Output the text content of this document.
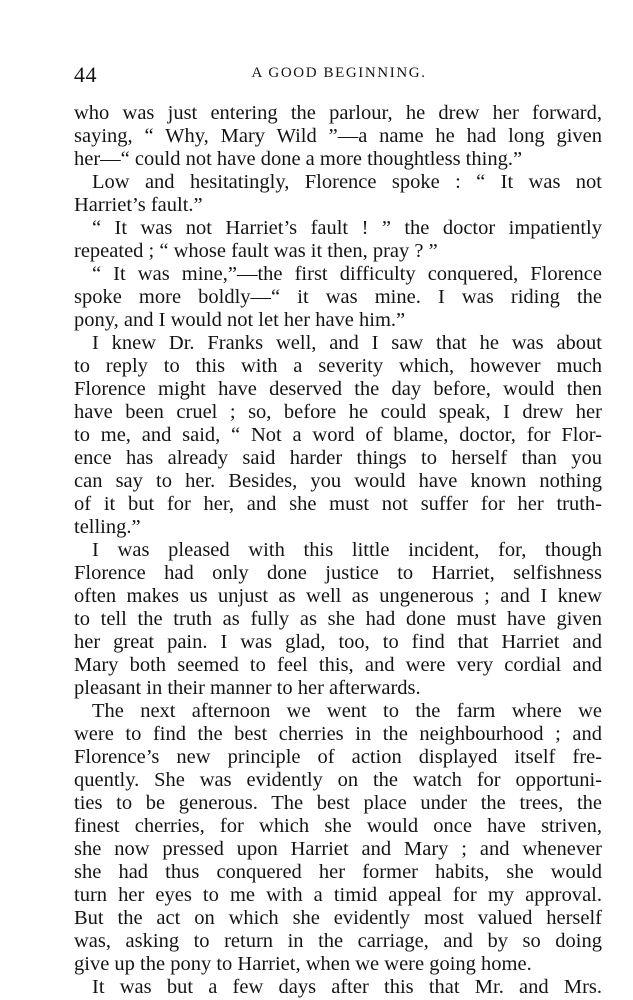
44	A GOOD BEGINNING.
who was just entering the parlour, he drew her forward,
saying, “ Why, Mary Wild ”—a name he had long given
her—“ could not have done a more thoughtless thing.”
Low and hesitatingly, Florence spoke : “ It was not
Harriet’s fault.”
“ It was not Harriet’s fault ! ” the doctor impatiently
repeated ; “ whose fault was it then, pray ? ”
“ It was mine,”—the first difficulty conquered, Florence
spoke more boldly—“ it was mine. I was riding the
pony, and I would not let her have him.”
I knew Dr. Franks well, and I saw that he was about
to reply to this with a severity which, however much
Florence might have deserved the day before, would then
have been cruel ; so, before he could speak, I drew her
to me, and said, “ Not a word of blame, doctor, for Flor-
ence has already said harder things to herself than you
can say to her. Besides, you would have known nothing
of it but for her, and she must not suffer for her truth-
telling.”
I was pleased with this little incident, for, though
Florence had only done justice to Harriet, selfishness
often makes us unjust as well as ungenerous ; and I knew
to tell the truth as fully as she had done must have given
her great pain. I was glad, too, to find that Harriet and
Mary both seemed to feel this, and were very cordial and
pleasant in their manner to her afterwards.
The next afternoon we went to the farm where we
were to find the best cherries in the neighbourhood ; and
Florence’s new principle of action displayed itself fre-
quently. She was evidently on the watch for opportuni-
ties to be generous. The best place under the trees, the
finest cherries, for which she would once have striven,
she now pressed upon Harriet and Mary ; and whenever
she had thus conquered her former habits, she would
turn her eyes to me with a timid appeal for my approval.
But the act on which she evidently most valued herself
was, asking to return in the carriage, and by so doing
give up the pony to Harriet, when we were going home.
It was but a few days after this that Mr. and Mrs.
